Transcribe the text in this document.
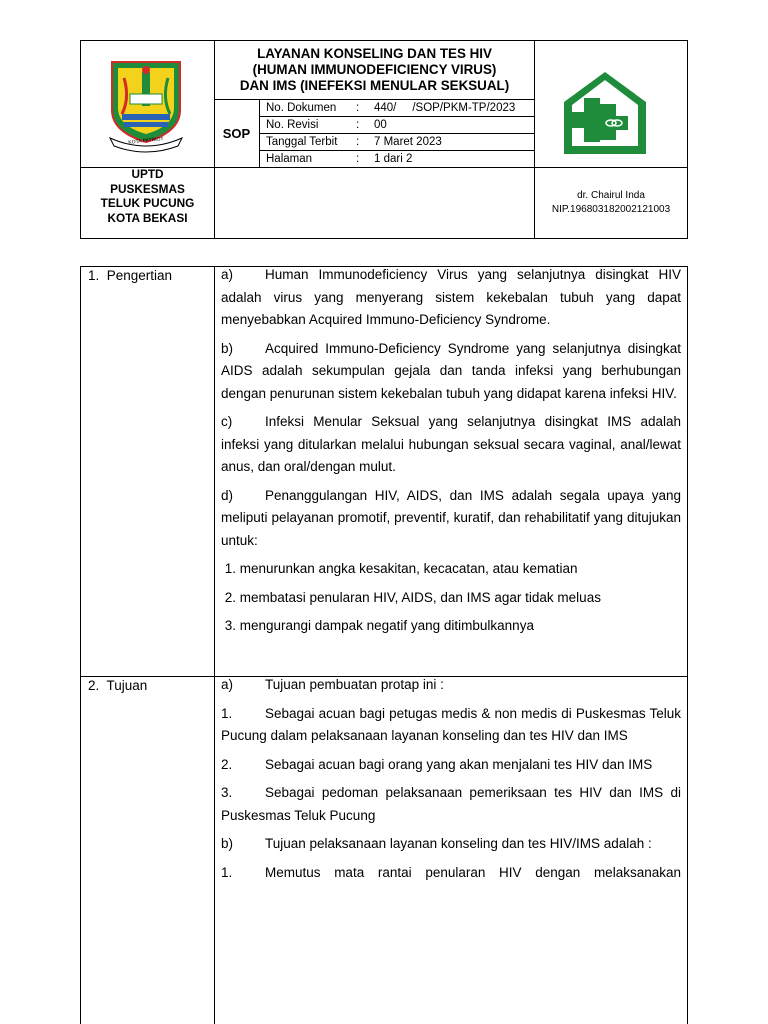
KOTA PATRIOT
LAYANAN KONSELING DAN TES HIV
(HUMAN IMMUNODEFICIENCY VIRUS)
DAN IMS (INEFEKSI MENULAR SEKSUAL)
SOP
No. Dokumen : 440/     /SOP/PKM-TP/2023
No. Revisi	: 00
Tanggal Terbit : 7 Maret 2023
Halaman	: 1 dari 2
UPTD
PUSKESMAS
TELUK PUCUNG
KOTA BEKASI
dr. Chairul Inda
NIP.196803182002121003
1.  Pengertian	a) Human Immunodeficiency Virus yang selanjutnya disingkat HIV adalah virus yang menyerang sistem kekebalan tubuh yang dapat menyebabkan Acquired Immuno-Deficiency Syndrome.
b) Acquired Immuno-Deficiency Syndrome yang selanjutnya disingkat AIDS adalah sekumpulan gejala dan tanda infeksi yang berhubungan dengan penurunan sistem kekebalan tubuh yang didapat karena infeksi HIV.
c) Infeksi Menular Seksual yang selanjutnya disingkat IMS adalah infeksi yang ditularkan melalui hubungan seksual secara vaginal, anal/lewat anus, dan oral/dengan mulut.
d) Penanggulangan HIV, AIDS, dan IMS adalah segala upaya yang meliputi pelayanan promotif, preventif, kuratif, dan rehabilitatif yang ditujukan untuk:
1. menurunkan angka kesakitan, kecacatan, atau kematian
2. membatasi penularan HIV, AIDS, dan IMS agar tidak meluas
3. mengurangi dampak negatif yang ditimbulkannya
2.  Tujuan	a) Tujuan pembuatan protap ini :
1. Sebagai acuan bagi petugas medis & non medis di Puskesmas Teluk Pucung dalam pelaksanaan layanan konseling dan tes HIV dan IMS
2. Sebagai acuan bagi orang yang akan menjalani tes HIV dan IMS
3. Sebagai pedoman pelaksanaan pemeriksaan tes HIV dan IMS di Puskesmas Teluk Pucung
b) Tujuan pelaksanaan layanan konseling dan tes HIV/IMS adalah :
1. Memutus mata rantai penularan HIV dengan melaksanakan
